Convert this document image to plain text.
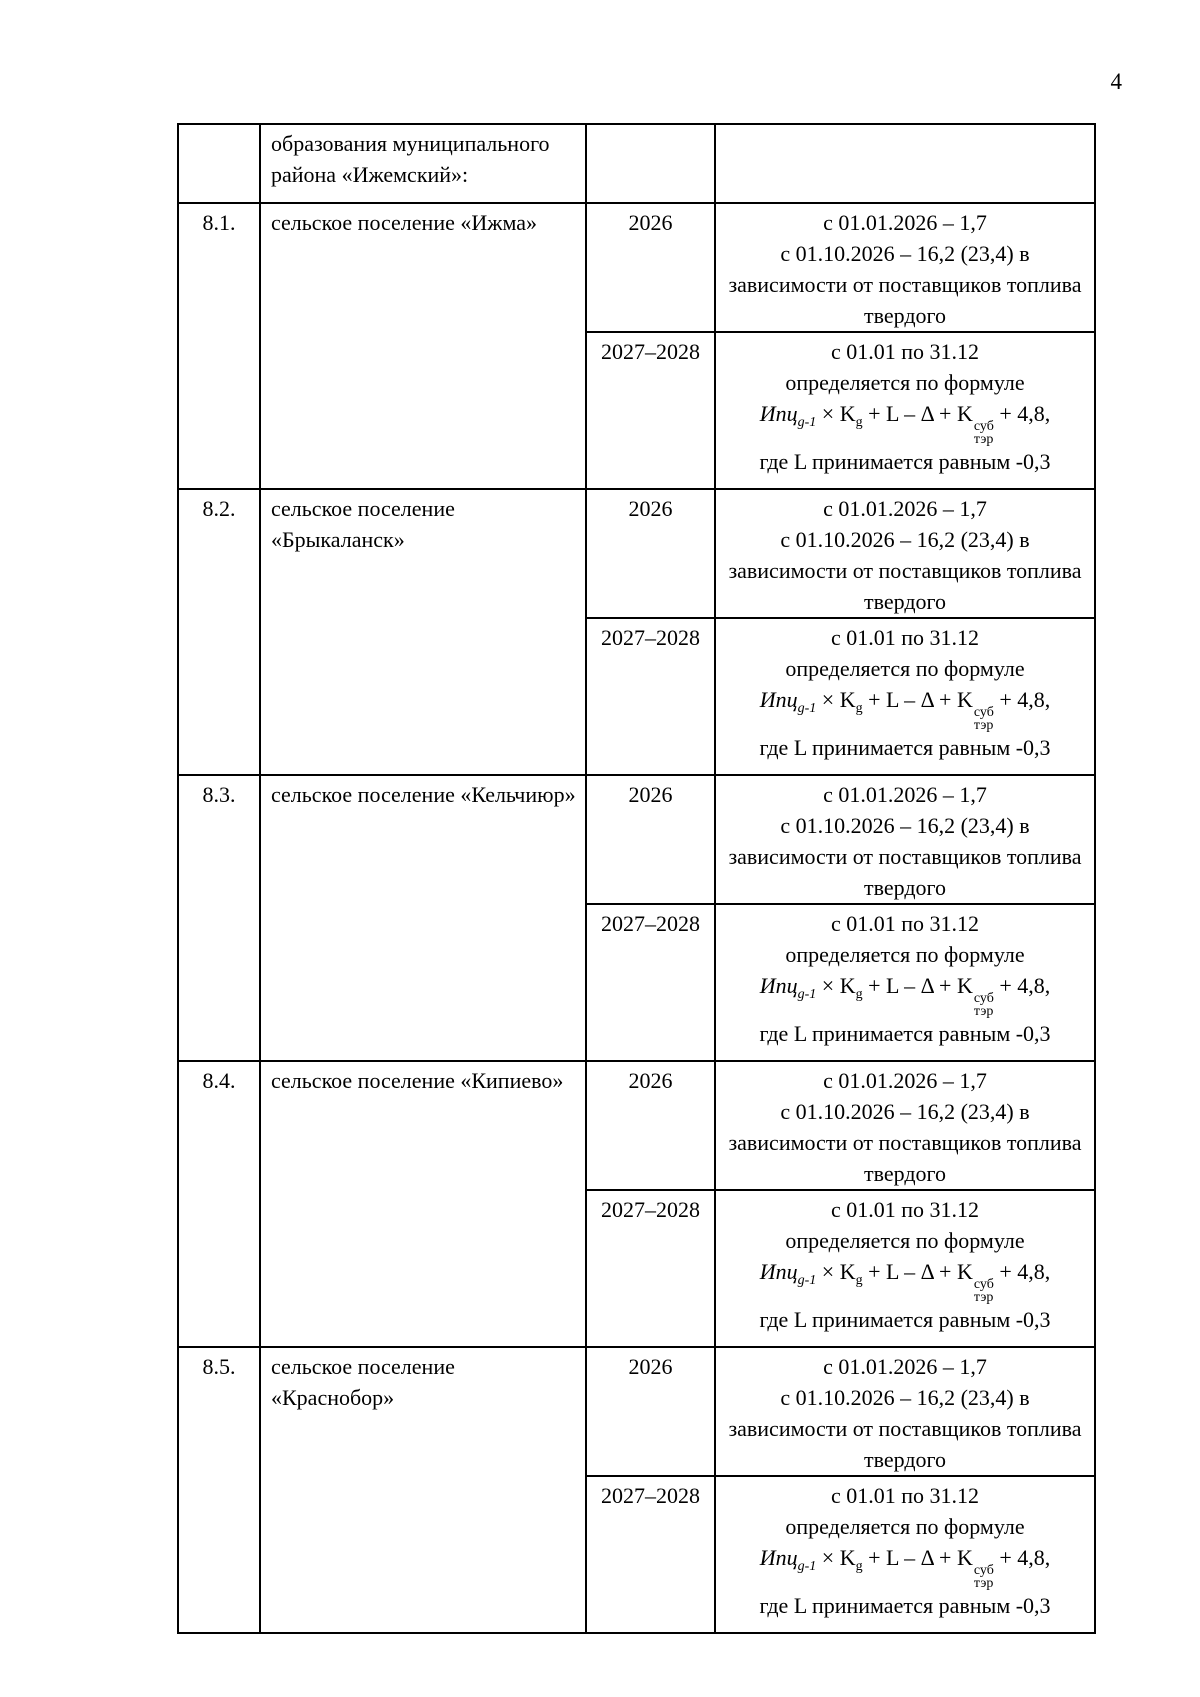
4
	образования муниципального района «Ижемский»:		
8.1.	сельское поселение «Ижма»	2026	с 01.01.2026 – 1,7
с 01.10.2026 – 16,2 (23,4) в
зависимости от поставщиков топлива
твердого

2027–2028	с 01.01 по 31.12
определяется по формуле
$Ипц_{g-1} \times K_g + L - \Delta + K$
суб
тэр
+ 4,8,
где L принимается равным -0,3

8.2.	сельское поселение «Брыкаланск»	2026	с 01.01.2026 – 1,7
с 01.10.2026 – 16,2 (23,4) в
зависимости от поставщиков топлива
твердого

2027–2028	с 01.01 по 31.12
определяется по формуле
$Ипц_{g-1} \times K_g + L - \Delta + K$
суб
тэр
+ 4,8,
где L принимается равным -0,3

8.3.	сельское поселение «Кельчиюр»	2026	с 01.01.2026 – 1,7
с 01.10.2026 – 16,2 (23,4) в
зависимости от поставщиков топлива
твердого

2027–2028	с 01.01 по 31.12
определяется по формуле
$Ипц_{g-1} \times K_g + L - \Delta + K$
суб
тэр
+ 4,8,
где L принимается равным -0,3

8.4.	сельское поселение «Кипиево»	2026	с 01.01.2026 – 1,7
с 01.10.2026 – 16,2 (23,4) в
зависимости от поставщиков топлива
твердого

2027–2028	с 01.01 по 31.12
определяется по формуле
$Ипц_{g-1} \times K_g + L - \Delta + K$
суб
тэр
+ 4,8,
где L принимается равным -0,3

8.5.	сельское поселение «Краснобор»	2026	с 01.01.2026 – 1,7
с 01.10.2026 – 16,2 (23,4) в
зависимости от поставщиков топлива
твердого

2027–2028	с 01.01 по 31.12
определяется по формуле
$Ипц_{g-1} \times K_g + L - \Delta + K$
суб
тэр
+ 4,8,
где L принимается равным -0,3
